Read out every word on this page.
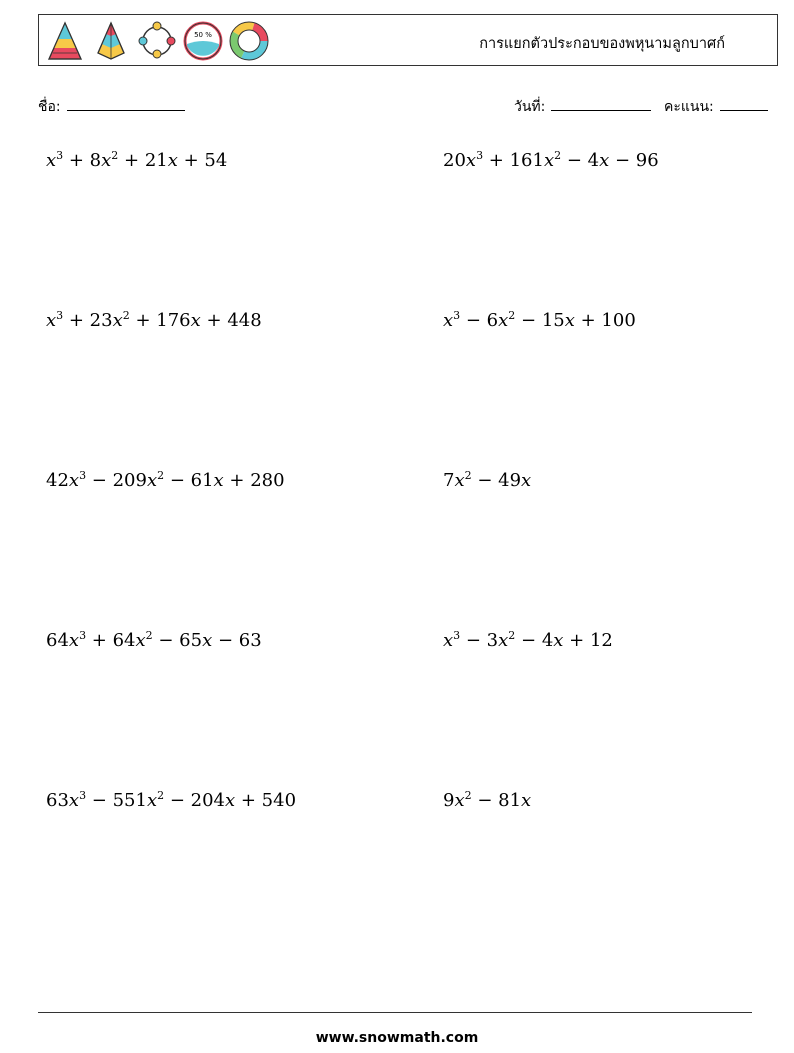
50 %
การแยกตัวประกอบของพหุนามลูกบาศก์
ชื่อ:	วันที่:	คะแนน:
$x^3 + 8x^2 + 21x + 54$	$20x^3 + 161x^2 - 4x - 96$
$x^3 + 23x^2 + 176x + 448$	$x^3 - 6x^2 - 15x + 100$
$42x^3 - 209x^2 - 61x + 280$	$7x^2 - 49x$
$64x^3 + 64x^2 - 65x - 63$	$x^3 - 3x^2 - 4x + 12$
$63x^3 - 551x^2 - 204x + 540$	$9x^2 - 81x$
www.snowmath.com
